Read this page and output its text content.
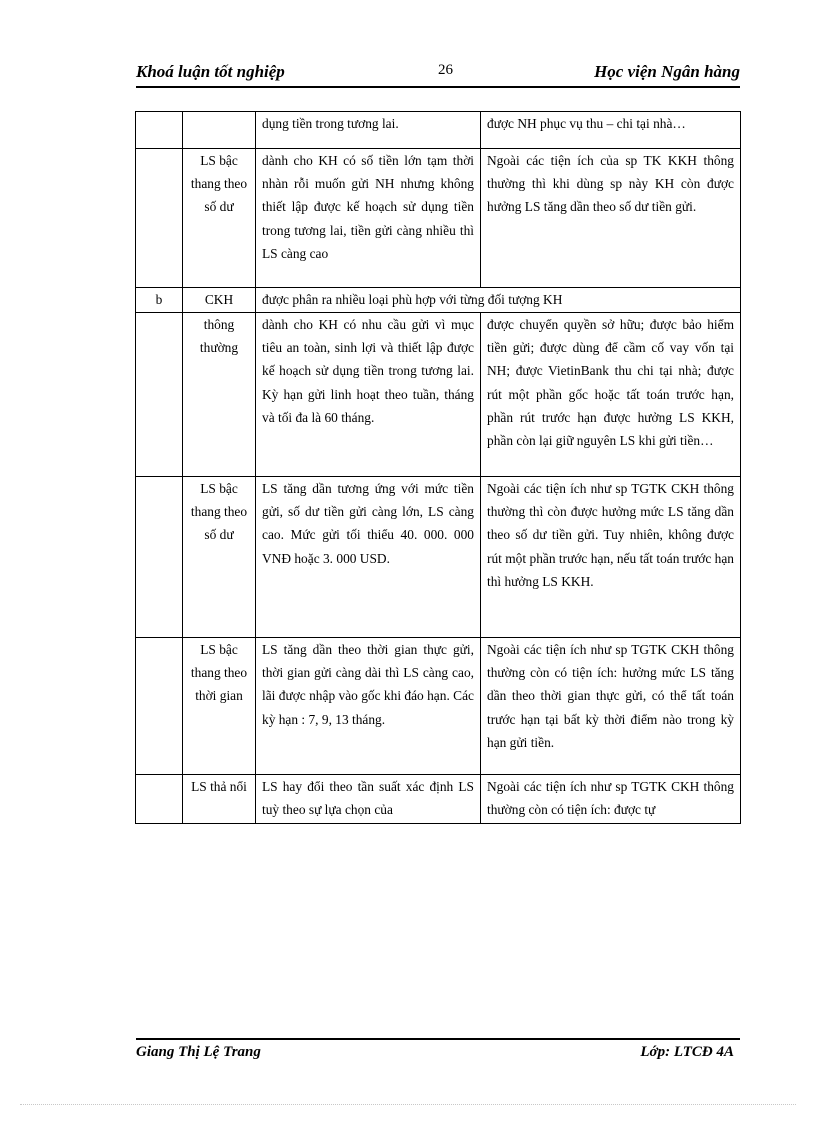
Khoá luận tốt nghiệp	26	Học viện Ngân hàng
		dụng tiền trong tương lai.	được NH phục vụ thu – chi tại nhà…
	LS bậc thang theo số dư	dành cho KH có số tiền lớn tạm thời nhàn rỗi muốn gửi NH nhưng không thiết lập được kế hoạch sử dụng tiền trong tương lai, tiền gửi càng nhiều thì LS càng cao	Ngoài các tiện ích của sp TK KKH thông thường thì khi dùng sp này KH còn được hưởng LS tăng dần theo số dư tiền gửi.
b	CKH	được phân ra nhiều loại phù hợp với từng đối tượng KH	
	thông thường	dành cho KH có nhu cầu gửi vì mục tiêu an toàn, sinh lợi và thiết lập được kế hoạch sử dụng tiền trong tương lai. Kỳ hạn gửi linh hoạt theo tuần, tháng và tối đa là 60 tháng.	được chuyển quyền sở hữu; được bảo hiểm tiền gửi; được dùng để cầm cố vay vốn tại NH; được VietinBank thu chi tại nhà; được rút một phần gốc hoặc tất toán trước hạn, phần rút trước hạn được hưởng LS KKH, phần còn lại giữ nguyên LS khi gửi tiền…
	LS bậc thang theo số dư	LS tăng dần tương ứng với mức tiền gửi, số dư tiền gửi càng lớn, LS càng cao. Mức gửi tối thiểu 40. 000. 000 VNĐ hoặc 3. 000 USD.	Ngoài các tiện ích như sp TGTK CKH thông thường thì còn được hưởng mức LS tăng dần theo số dư tiền gửi. Tuy nhiên, không được rút một phần trước hạn, nếu tất toán trước hạn thì hưởng LS KKH.
	LS bậc thang theo thời gian	LS tăng dần theo thời gian thực gửi, thời gian gửi càng dài thì LS càng cao, lãi được nhập vào gốc khi đáo hạn. Các kỳ hạn : 7, 9, 13 tháng.	Ngoài các tiện ích như sp TGTK CKH thông thường còn có tiện ích: hưởng mức LS tăng dần theo thời gian thực gửi, có thể tất toán trước hạn tại bất kỳ thời điểm nào trong kỳ hạn gửi tiền.
	LS thả nổi	LS hay đổi theo tần suất xác định LS tuỳ theo sự lựa chọn của	Ngoài các tiện ích như sp TGTK CKH thông thường còn có tiện ích: được tự
Giang Thị Lệ Trang	Lớp: LTCĐ 4A
